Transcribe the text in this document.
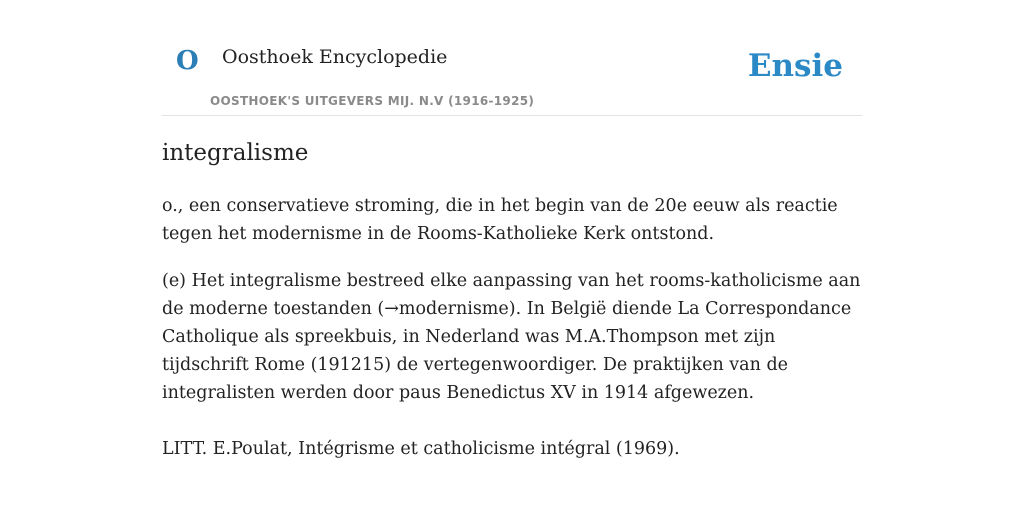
O Oosthoek Encyclopedie
OOSTHOEK'S UITGEVERS MIJ. N.V (1916-1925)
Ensie
integralisme

o., een conservatieve stroming, die in het begin van de 20e eeuw als reactie tegen het modernisme in de Rooms-Katholieke Kerk ontstond.

(e) Het integralisme bestreed elke aanpassing van het rooms-katholicisme aan de moderne toestanden (→modernisme). In België diende La Correspondance Catholique als spreekbuis, in Nederland was M.A.Thompson met zijn tijdschrift Rome (191215) de vertegenwoordiger. De praktijken van de integralisten werden door paus Benedictus XV in 1914 afgewezen.

LITT. E.Poulat, Intégrisme et catholicisme intégral (1969).
